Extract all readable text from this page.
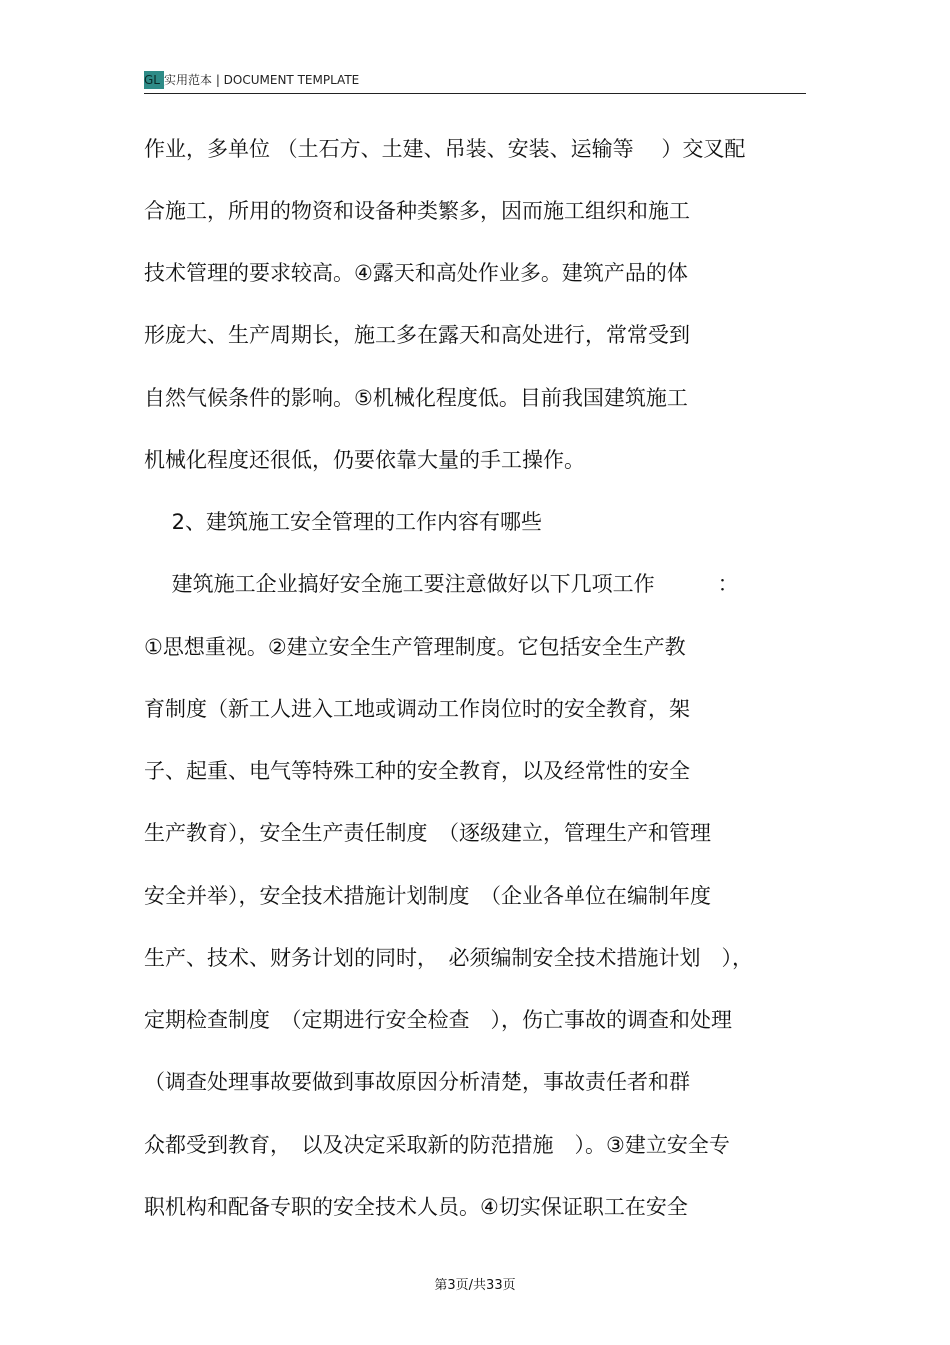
GL 实用范本 | DOCUMENT TEMPLATE
作业，多单位 （土石方、土建、吊装、安装、运输等　 ）交叉配
合施工，所用的物资和设备种类繁多，因而施工组织和施工
技术管理的要求较高。④露天和高处作业多。建筑产品的体
形庞大、生产周期长，施工多在露天和高处进行，常常受到
自然气候条件的影响。⑤机械化程度低。目前我国建筑施工
机械化程度还很低，仍要依靠大量的手工操作。
　 2、建筑施工安全管理的工作内容有哪些
　 建筑施工企业搞好安全施工要注意做好以下几项工作　　　：
①思想重视。②建立安全生产管理制度。它包括安全生产教
育制度（新工人进入工地或调动工作岗位时的安全教育，架
子、起重、电气等特殊工种的安全教育，以及经常性的安全
生产教育），安全生产责任制度　（逐级建立，管理生产和管理
安全并举），安全技术措施计划制度　（企业各单位在编制年度
生产、技术、财务计划的同时，　必须编制安全技术措施计划　），
定期检查制度　（定期进行安全检查　），伤亡事故的调查和处理
（调查处理事故要做到事故原因分析清楚，事故责任者和群
众都受到教育，　以及决定采取新的防范措施　）。③建立安全专
职机构和配备专职的安全技术人员。④切实保证职工在安全
第3页/共33页
